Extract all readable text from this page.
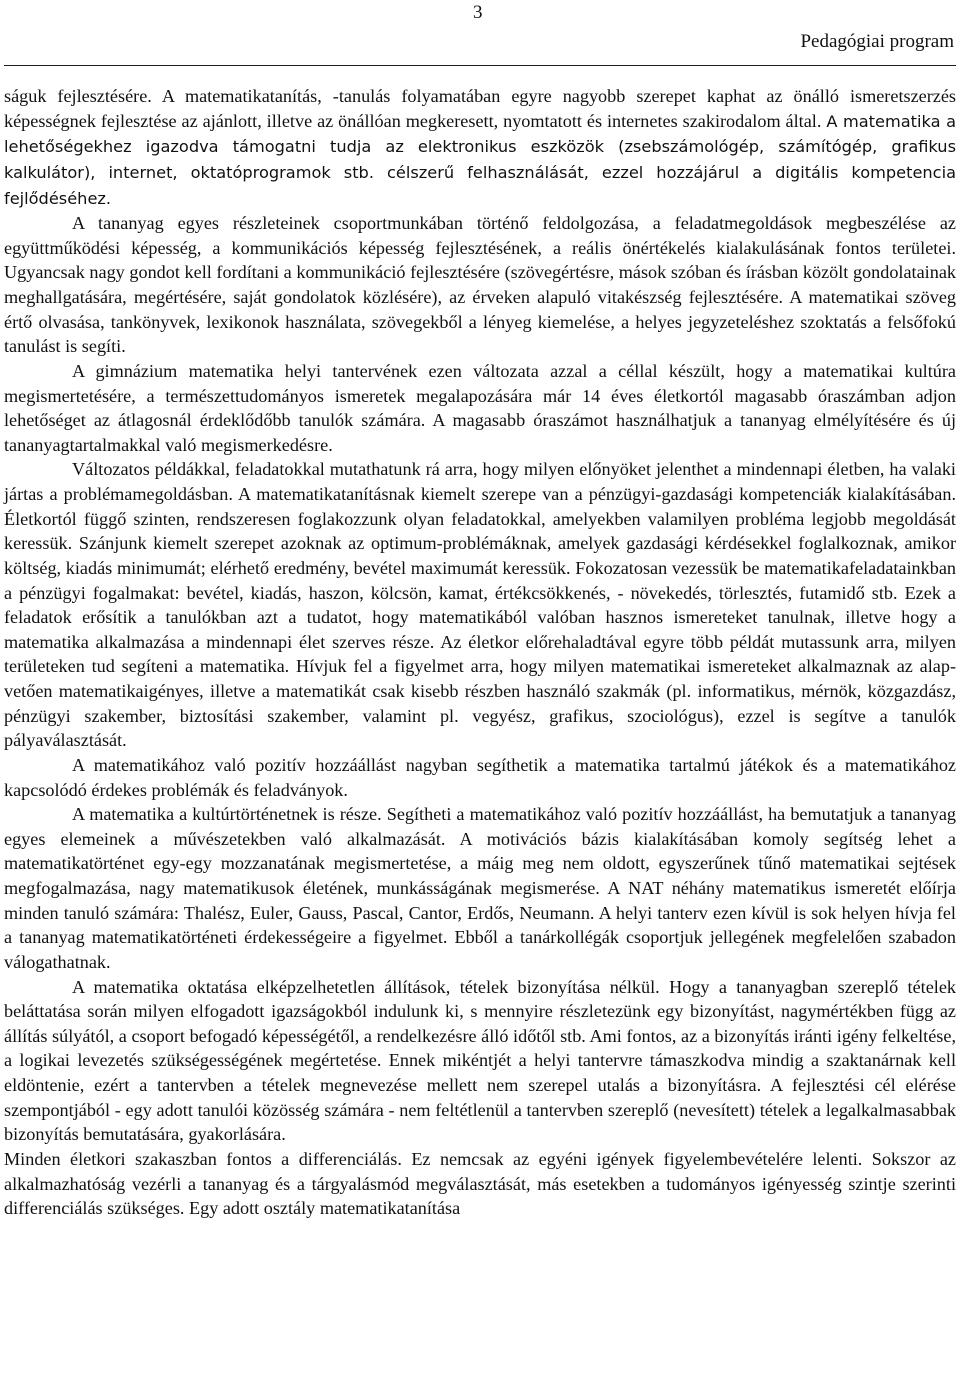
3
Pedagógiai program

ságuk fejlesztésére. A matematikatanítás, -tanulás folyamatában egyre nagyobb szerepet kaphat az önálló ismeretszerzés képességnek fejlesztése az ajánlott, illetve az önállóan megkeresett, nyomtatott és internetes szakirodalom által. A matematika a lehetőségekhez igazodva támogatni tudja az elektronikus eszközök (zsebszámológép, számítógép, grafikus kalkulátor), internet, oktatóprogramok stb. célszerű felhasználását, ezzel hozzájárul a digitális kompetencia fejlődéséhez.

A tananyag egyes részleteinek csoportmunkában történő feldolgozása, a feladatmegoldások megbeszélése az együttműködési képesség, a kommunikációs képesség fejlesztésének, a reális önértékelés kialakulásának fontos területei. Ugyancsak nagy gondot kell fordítani a kommunikáció fejlesztésére (szövegértésre, mások szóban és írásban közölt gondolatainak meghallgatására, megértésére, saját gondolatok közlésére), az érveken alapuló vitakészség fejlesztésére. A matematikai szöveg értő olvasása, tankönyvek, lexikonok használata, szövegekből a lényeg kiemelése, a helyes jegyzeteléshez szoktatás a felsőfokú tanulást is segíti.

A gimnázium matematika helyi tantervének ezen változata azzal a céllal készült, hogy a matematikai kultúra megismertetésére, a természettudományos ismeretek megalapozására már 14 éves életkortól magasabb óraszámban adjon lehetőséget az átlagosnál érdeklődőbb tanulók számára. A magasabb óraszámot használhatjuk a tananyag elmélyítésére és új tananyagtartalmakkal való megismerkedésre.

Változatos példákkal, feladatokkal mutathatunk rá arra, hogy milyen előnyöket jelenthet a mindennapi életben, ha valaki jártas a problémamegoldásban. A matematikatanításnak kiemelt szerepe van a pénzügyi-gazdasági kompetenciák kialakításában. Életkortól függő szinten, rendszeresen foglakozzunk olyan feladatokkal, amelyekben valamilyen probléma legjobb megoldását keressük. Szánjunk kiemelt szerepet azoknak az optimum-problémáknak, amelyek gazdasági kérdésekkel foglalkoznak, amikor költség, kiadás minimumát; elérhető eredmény, bevétel maximumát keressük. Fokozatosan vezessük be matematikafeladatainkban a pénzügyi fogalmakat: bevétel, kiadás, haszon, kölcsön, kamat, értékcsökkenés, - növekedés, törlesztés, futamidő stb. Ezek a feladatok erősítik a tanulókban azt a tudatot, hogy matematikából valóban hasznos ismereteket tanulnak, illetve hogy a matematika alkalmazása a mindennapi élet szerves része. Az életkor előrehaladtával egyre több példát mutassunk arra, milyen területeken tud segíteni a matematika. Hívjuk fel a figyelmet arra, hogy milyen matematikai ismereteket alkalmaznak az alapvetően matematikaigényes, illetve a matematikát csak kisebb részben használó szakmák (pl. informatikus, mérnök, közgazdász, pénzügyi szakember, biztosítási szakember, valamint pl. vegyész, grafikus, szociológus), ezzel is segítve a tanulók pályaválasztását.

A matematikához való pozitív hozzáállást nagyban segíthetik a matematika tartalmú játékok és a matematikához kapcsolódó érdekes problémák és feladványok.

A matematika a kultúrtörténetnek is része. Segítheti a matematikához való pozitív hozzáállást, ha bemutatjuk a tananyag egyes elemeinek a művészetekben való alkalmazását. A motivációs bázis kialakításában komoly segítség lehet a matematikatörténet egy-egy mozzanatának megismertetése, a máig meg nem oldott, egyszerűnek tűnő matematikai sejtések megfogalmazása, nagy matematikusok életének, munkásságának megismerése. A NAT néhány matematikus ismeretét előírja minden tanuló számára: Thalész, Euler, Gauss, Pascal, Cantor, Erdős, Neumann. A helyi tanterv ezen kívül is sok helyen hívja fel a tananyag matematikatörténeti érdekességeire a figyelmet. Ebből a tanárkollégák csoportjuk jellegének megfelelően szabadon válogathatnak.

A matematika oktatása elképzelhetetlen állítások, tételek bizonyítása nélkül. Hogy a tananyagban szereplő tételek beláttatása során milyen elfogadott igazságokból indulunk ki, s mennyire részletezünk egy bizonyítást, nagymértékben függ az állítás súlyától, a csoport befogadó képességétől, a rendelkezésre álló időtől stb. Ami fontos, az a bizonyítás iránti igény felkeltése, a logikai levezetés szükségességének megértetése. Ennek mikéntjét a helyi tantervre támaszkodva mindig a szaktanárnak kell eldöntenie, ezért a tantervben a tételek megnevezése mellett nem szerepel utalás a bizonyításra. A fejlesztési cél elérése szempontjából - egy adott tanulói közösség számára - nem feltétlenül a tantervben szereplő (nevesített) tételek a legalkalmasabbak bizonyítás bemutatására, gyakorlására.

Minden életkori szakaszban fontos a differenciálás. Ez nemcsak az egyéni igények figyelembevételére lelenti. Sokszor az alkalmazhatóság vezérli a tananyag és a tárgyalásmód megválasztását, más esetekben a tudományos igényesség szintje szerinti differenciálás szükséges. Egy adott osztály matematikatanítása
